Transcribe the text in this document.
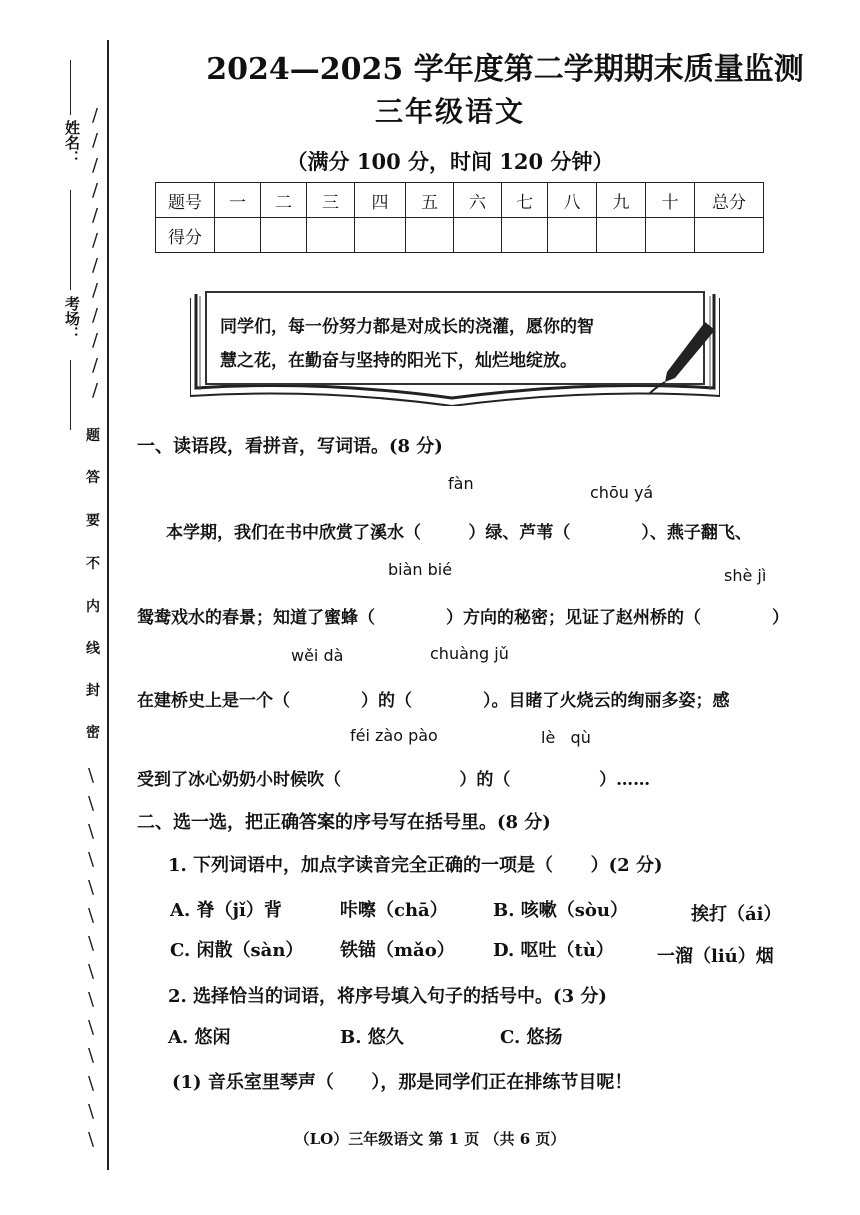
姓名：
考场：
题
答
要
不
内
线
封
密
/
/
/
/
/
/
/
/
/
/
/
/
\
\
\
\
\
\
\
\
\
\
\
\
\
\
2024—2025 学年度第二学期期末质量监测
三年级语文
（满分 100 分，时间 120 分钟）
题号	一	二	三	四	五	六	七	八	九	十	总分
得分											
同学们，每一份努力都是对成长的浇灌，愿你的智
慧之花，在勤奋与坚持的阳光下，灿烂地绽放。
一、读语段，看拼音，写词语。(8 分)
fàn	chōu yá
本学期，我们在书中欣赏了溪水（        ）绿、芦苇（            ）、燕子翻飞、
biàn bié	shè jì
鸳鸯戏水的春景；知道了蜜蜂（            ）方向的秘密；见证了赵州桥的（            ）
wěi dà	chuàng jǔ
在建桥史上是一个（            ）的（            ）。目睹了火烧云的绚丽多姿；感
féi zào pào	lè   qù
受到了冰心奶奶小时候吹（                    ）的（               ）……
二、选一选，把正确答案的序号写在括号里。(8 分)
1. 下列词语中，加点字读音完全正确的一项是（      ）(2 分)
A. 脊（jǐ）背	咔嚓（chā）	B. 咳嗽（sòu）	挨打（ái）
C. 闲散（sàn） 铁锚（mǎo） D. 呕吐（tù） 一溜（liú）烟
2. 选择恰当的词语，将序号填入句子的括号中。(3 分)
A. 悠闲	B. 悠久	C. 悠扬
(1) 音乐室里琴声（      ），那是同学们正在排练节目呢！
（LO）三年级语文 第 1 页 （共 6 页）
